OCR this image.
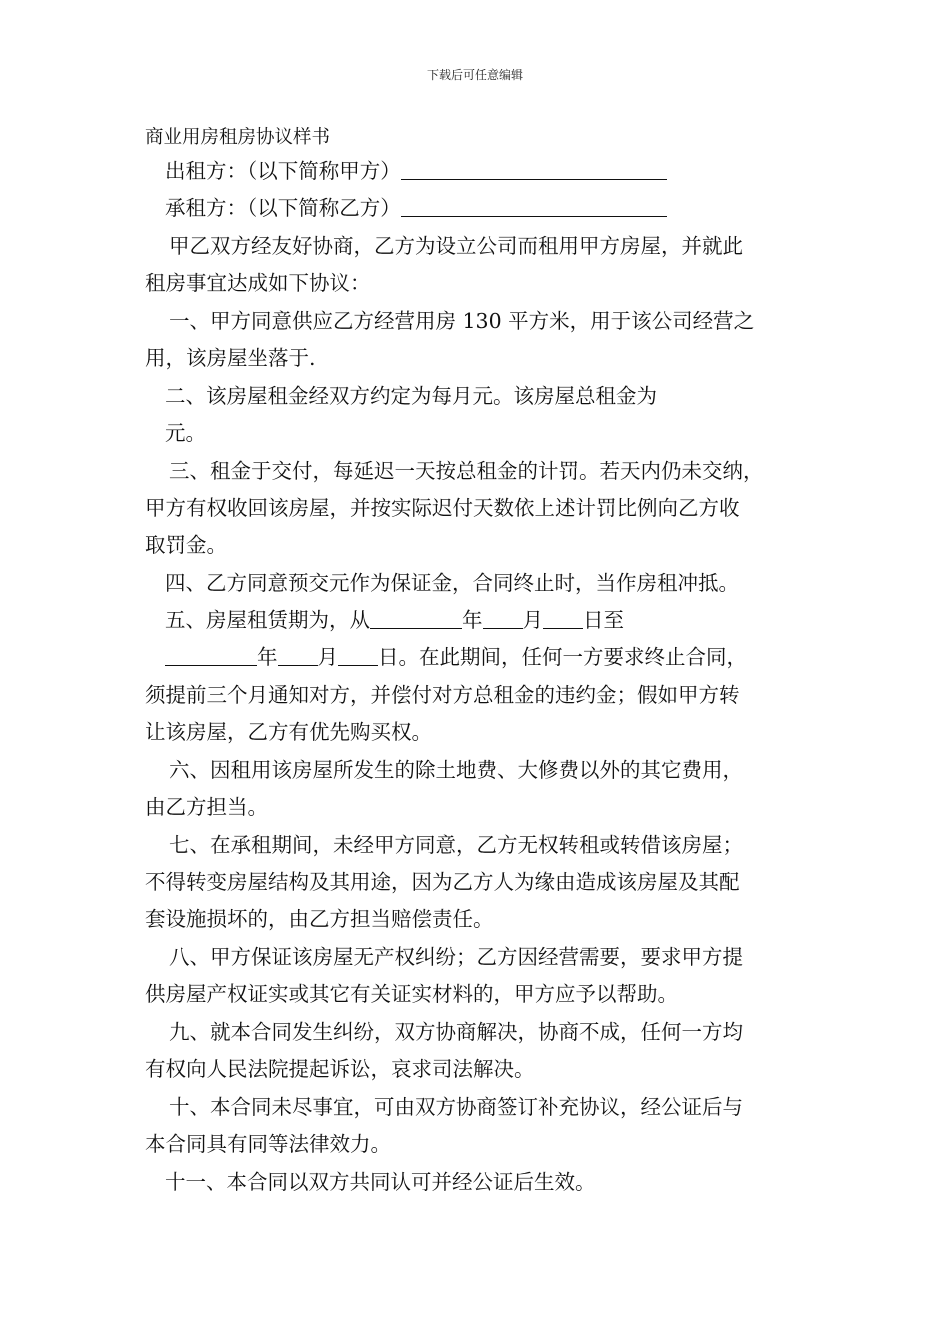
下载后可任意编辑
商业用房租房协议样书
出租方：（以下简称甲方）
承租方：（以下简称乙方）
甲乙双方经友好协商，乙方为设立公司而租用甲方房屋，并就此
租房事宜达成如下协议：
一、甲方同意供应乙方经营用房 130 平方米，用于该公司经营之
用，该房屋坐落于.
二、该房屋租金经双方约定为每月元。该房屋总租金为
元。
三、租金于交付，每延迟一天按总租金的计罚。若天内仍未交纳，
甲方有权收回该房屋，并按实际迟付天数依上述计罚比例向乙方收
取罚金。
四、乙方同意预交元作为保证金，合同终止时，当作房租冲抵。
五、房屋租赁期为，从	年 月 日至
年 月 日。在此期间，任何一方要求终止合同，
须提前三个月通知对方，并偿付对方总租金的违约金；假如甲方转
让该房屋，乙方有优先购买权。
六、因租用该房屋所发生的除土地费、大修费以外的其它费用，
由乙方担当。
七、在承租期间，未经甲方同意，乙方无权转租或转借该房屋；
不得转变房屋结构及其用途，因为乙方人为缘由造成该房屋及其配
套设施损坏的，由乙方担当赔偿责任。
八、甲方保证该房屋无产权纠纷；乙方因经营需要，要求甲方提
供房屋产权证实或其它有关证实材料的，甲方应予以帮助。
九、就本合同发生纠纷，双方协商解决，协商不成，任何一方均
有权向人民法院提起诉讼，哀求司法解决。
十、本合同未尽事宜，可由双方协商签订补充协议，经公证后与
本合同具有同等法律效力。
十一、本合同以双方共同认可并经公证后生效。
